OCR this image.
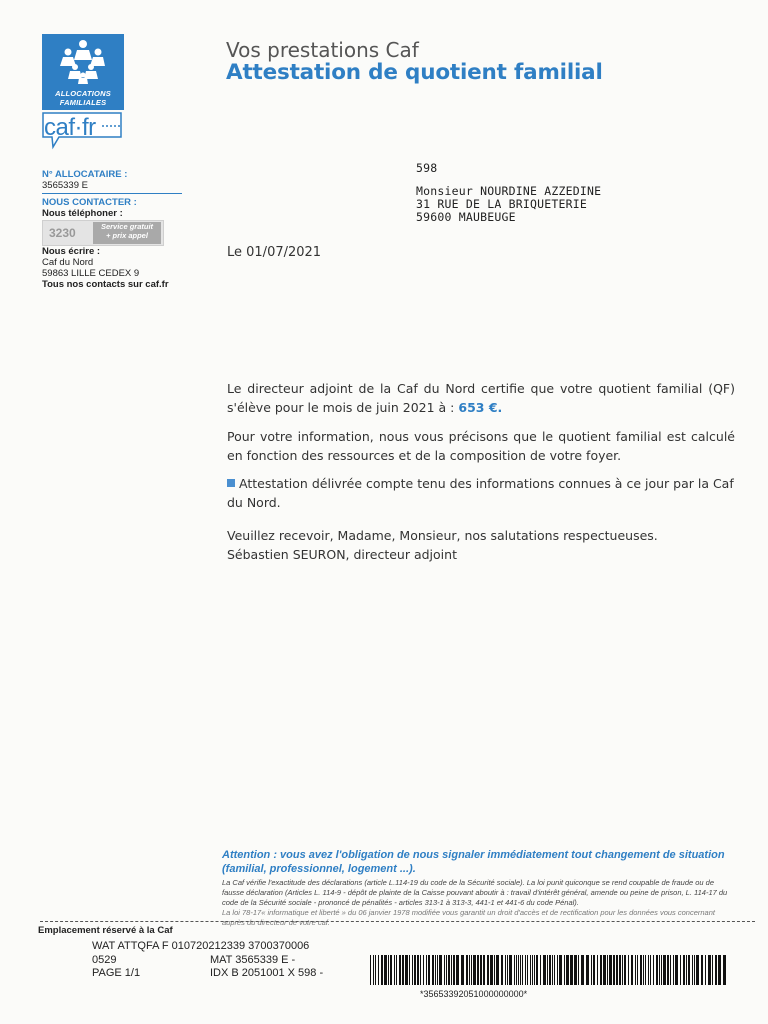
ALLOCATIONS
FAMILIALES
caf·fr
Vos prestations Caf
Attestation de quotient familial
N° ALLOCATAIRE :
3565339 E
NOUS CONTACTER :
Nous téléphoner :
3230	Service gratuit
+ prix appel
Nous écrire :
Caf du Nord
59863 LILLE CEDEX 9
Tous nos contacts sur caf.fr
598
Monsieur NOURDINE AZZEDINE
31 RUE DE LA BRIQUETERIE
59600 MAUBEUGE
Le 01/07/2021
Le directeur adjoint de la Caf du Nord certifie que votre quotient familial (QF) s'élève pour le mois de juin 2021 à : 653 €.
Pour votre information, nous vous précisons que le quotient familial est calculé en fonction des ressources et de la composition de votre foyer.
Attestation délivrée compte tenu des informations connues à ce jour par la Caf du Nord.
Veuillez recevoir, Madame, Monsieur, nos salutations respectueuses.
Sébastien SEURON, directeur adjoint
Attention : vous avez l'obligation de nous signaler immédiatement tout changement de situation (familial, professionnel, logement ...).
La Caf vérifie l'exactitude des déclarations (article L.114-19 du code de la Sécurité sociale). La loi punit quiconque se rend coupable de fraude ou de fausse déclaration (Articles L. 114-9 - dépôt de plainte de la Caisse pouvant aboutir à : travail d'intérêt général, amende ou peine de prison, L. 114-17 du code de la Sécurité sociale - prononcé de pénalités - articles 313-1 à 313-3, 441-1 et 441-6 du code Pénal).
La loi 78-17« informatique et liberté » du 06 janvier 1978 modifiée vous garantit un droit d'accès et de rectification pour les données vous concernant auprès du directeur de votre caf.
Emplacement réservé à la Caf
WAT ATTQFA F 010720212339 3700370006
0529
PAGE 1/1
MAT 3565339 E -
IDX B 2051001 X 598 -
*35653392051000000000*
